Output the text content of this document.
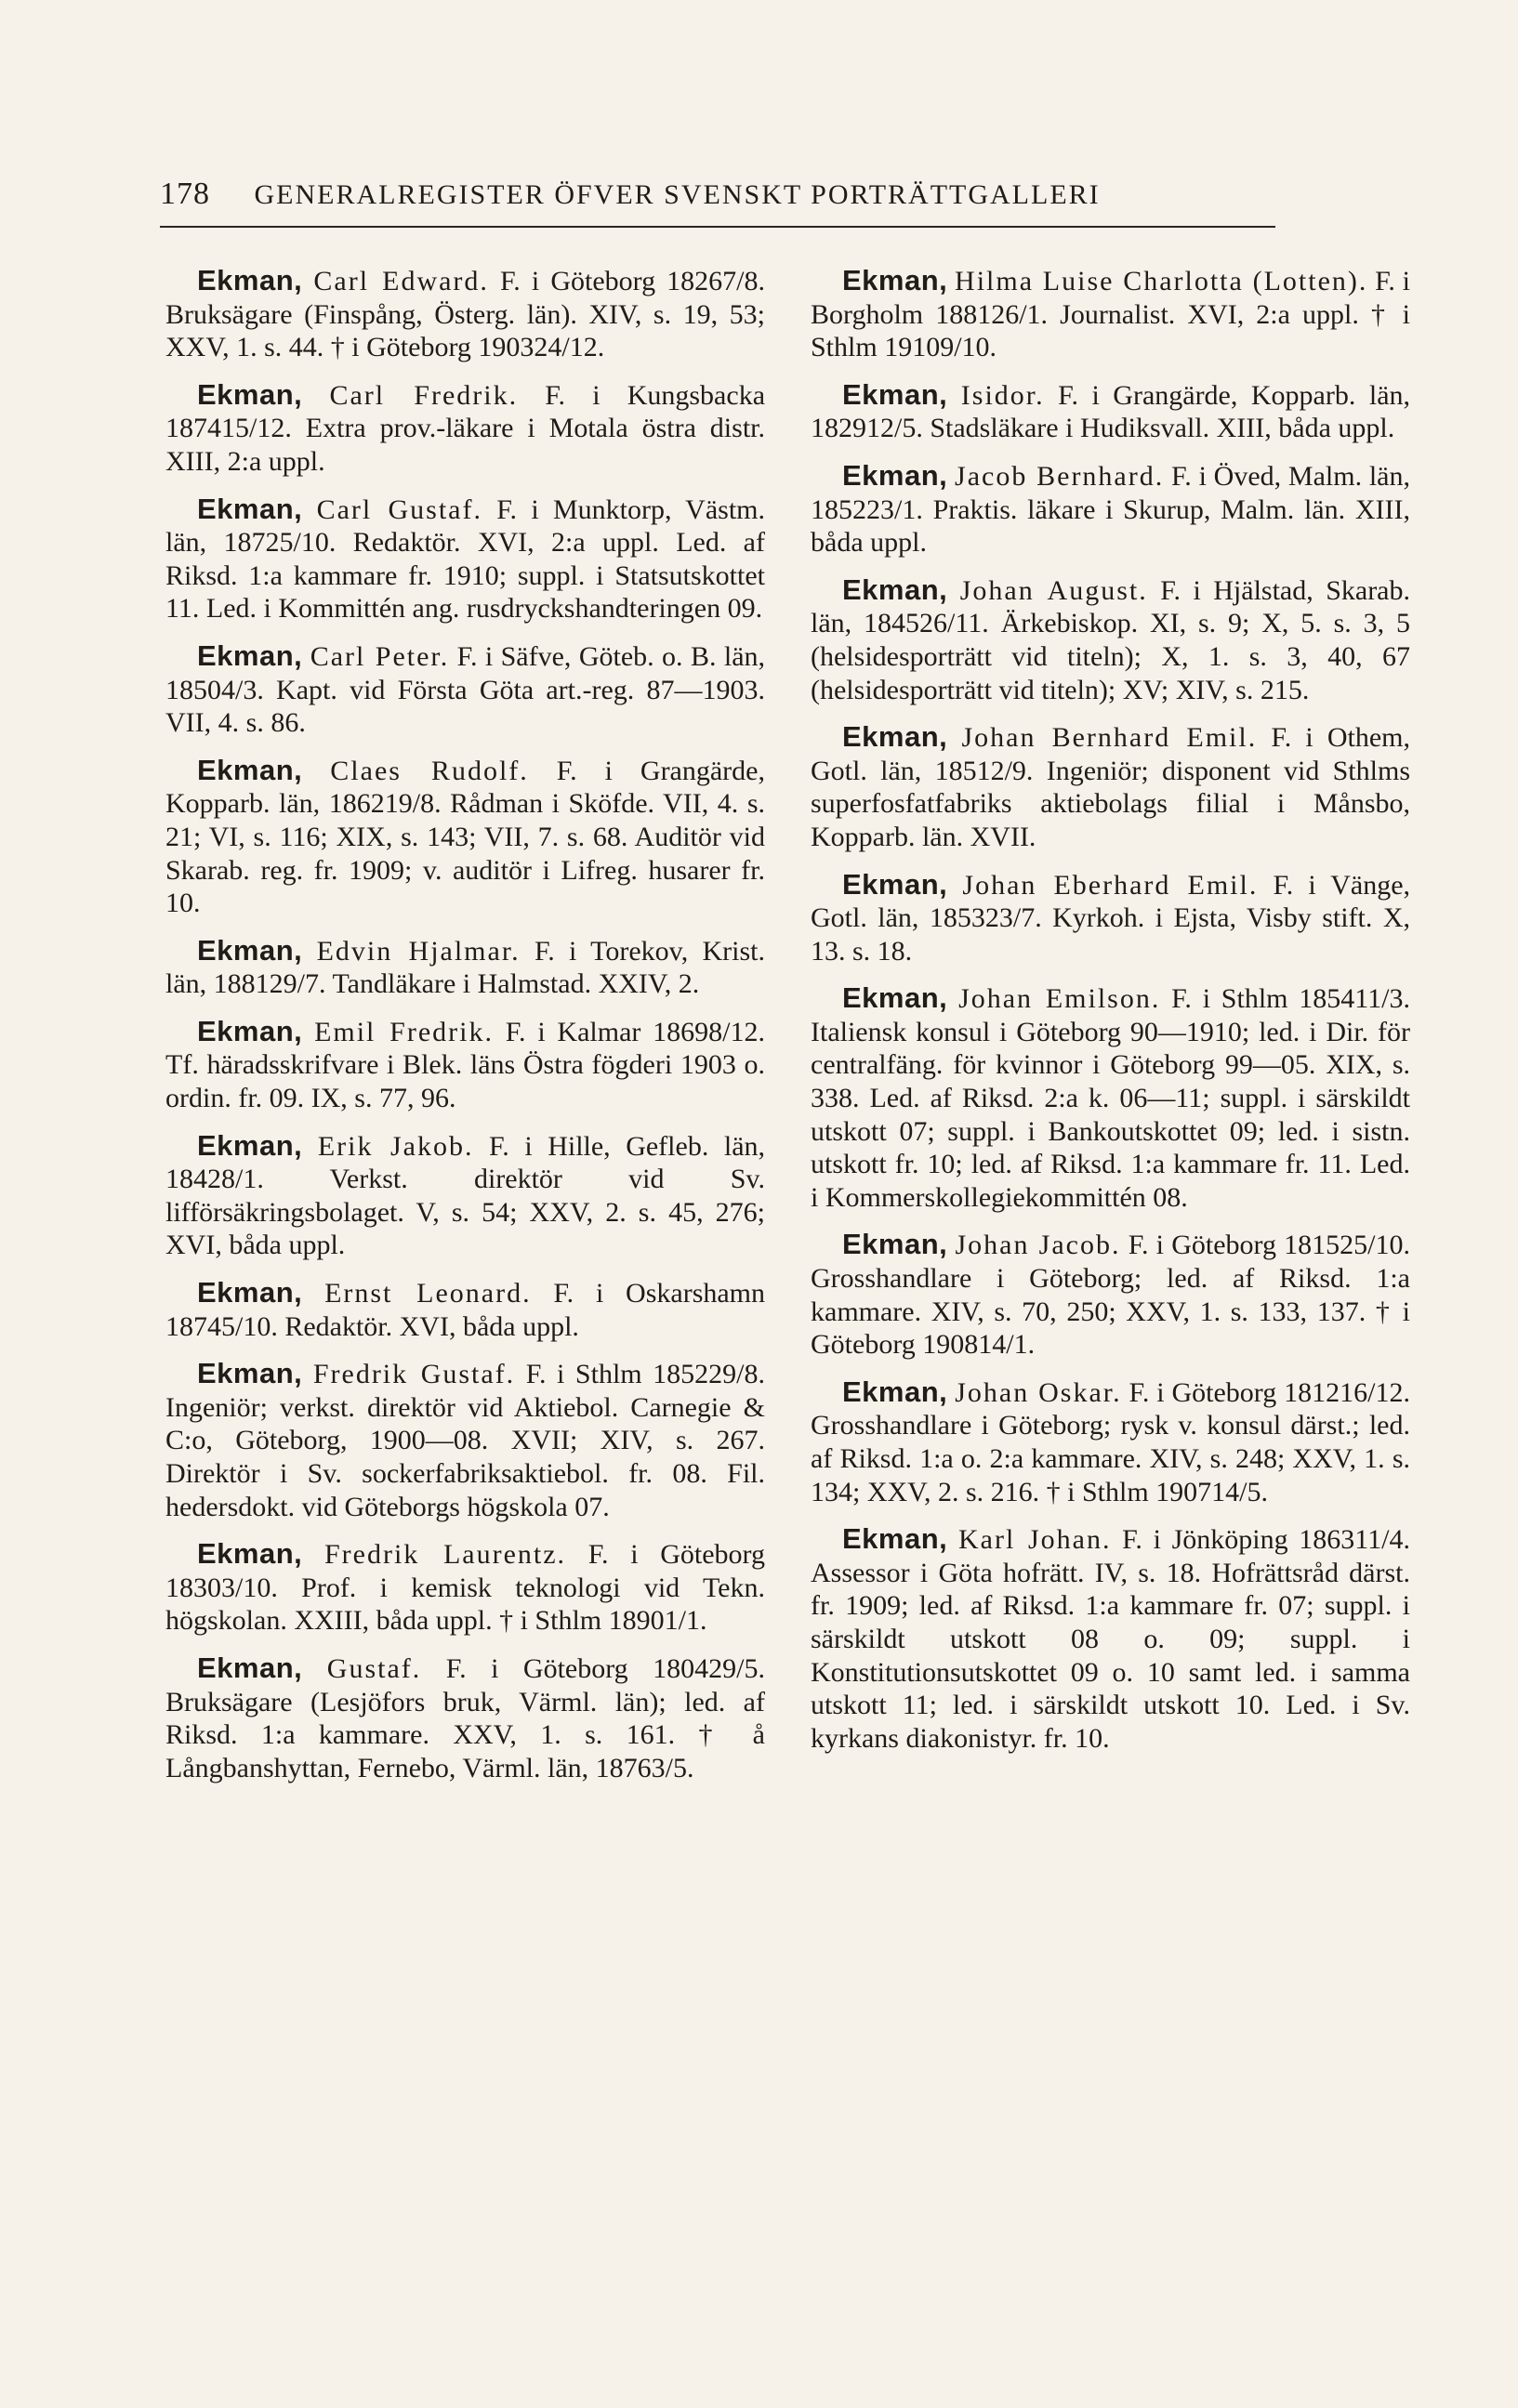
178 GENERALREGISTER ÖFVER SVENSKT PORTRÄTTGALLERI

Ekman, Carl Edward. F. i Göteborg 18267/8. Bruksägare (Finspång, Österg. län). XIV, s. 19, 53; XXV, 1. s. 44. † i Göteborg 190324/12.

Ekman, Carl Fredrik. F. i Kungsbacka 187415/12. Extra prov.-läkare i Motala östra distr. XIII, 2:a uppl.

Ekman, Carl Gustaf. F. i Munktorp, Västm. län, 18725/10. Redaktör. XVI, 2:a uppl. Led. af Riksd. 1:a kammare fr. 1910; suppl. i Statsutskottet 11. Led. i Kommittén ang. rusdryckshandteringen 09.

Ekman, Carl Peter. F. i Säfve, Göteb. o. B. län, 18504/3. Kapt. vid Första Göta art.-reg. 87—1903. VII, 4. s. 86.

Ekman, Claes Rudolf. F. i Grangärde, Kopparb. län, 186219/8. Rådman i Sköfde. VII, 4. s. 21; VI, s. 116; XIX, s. 143; VII, 7. s. 68. Auditör vid Skarab. reg. fr. 1909; v. auditör i Lifreg. husarer fr. 10.

Ekman, Edvin Hjalmar. F. i Torekov, Krist. län, 188129/7. Tandläkare i Halmstad. XXIV, 2.

Ekman, Emil Fredrik. F. i Kalmar 18698/12. Tf. häradsskrifvare i Blek. läns Östra fögderi 1903 o. ordin. fr. 09. IX, s. 77, 96.

Ekman, Erik Jakob. F. i Hille, Gefleb. län, 18428/1. Verkst. direktör vid Sv. lifförsäkringsbolaget. V, s. 54; XXV, 2. s. 45, 276; XVI, båda uppl.

Ekman, Ernst Leonard. F. i Oskarshamn 18745/10. Redaktör. XVI, båda uppl.

Ekman, Fredrik Gustaf. F. i Sthlm 185229/8. Ingeniör; verkst. direktör vid Aktiebol. Carnegie & C:o, Göteborg, 1900—08. XVII; XIV, s. 267. Direktör i Sv. sockerfabriksaktiebol. fr. 08. Fil. hedersdokt. vid Göteborgs högskola 07.

Ekman, Fredrik Laurentz. F. i Göteborg 18303/10. Prof. i kemisk teknologi vid Tekn. högskolan. XXIII, båda uppl. † i Sthlm 18901/1.

Ekman, Gustaf. F. i Göteborg 180429/5. Bruksägare (Lesjöfors bruk, Värml. län); led. af Riksd. 1:a kammare. XXV, 1. s. 161. † å Långbanshyttan, Fernebo, Värml. län, 18763/5.

Ekman, Hilma Luise Charlotta (Lotten). F. i Borgholm 188126/1. Journalist. XVI, 2:a uppl. † i Sthlm 19109/10.

Ekman, Isidor. F. i Grangärde, Kopparb. län, 182912/5. Stadsläkare i Hudiksvall. XIII, båda uppl.

Ekman, Jacob Bernhard. F. i Öved, Malm. län, 185223/1. Praktis. läkare i Skurup, Malm. län. XIII, båda uppl.

Ekman, Johan August. F. i Hjälstad, Skarab. län, 184526/11. Ärkebiskop. XI, s. 9; X, 5. s. 3, 5 (helsidesporträtt vid titeln); X, 1. s. 3, 40, 67 (helsidesporträtt vid titeln); XV; XIV, s. 215.

Ekman, Johan Bernhard Emil. F. i Othem, Gotl. län, 18512/9. Ingeniör; disponent vid Sthlms superfosfatfabriks aktiebolags filial i Månsbo, Kopparb. län. XVII.

Ekman, Johan Eberhard Emil. F. i Vänge, Gotl. län, 185323/7. Kyrkoh. i Ejsta, Visby stift. X, 13. s. 18.

Ekman, Johan Emilson. F. i Sthlm 185411/3. Italiensk konsul i Göteborg 90—1910; led. i Dir. för centralfäng. för kvinnor i Göteborg 99—05. XIX, s. 338. Led. af Riksd. 2:a k. 06—11; suppl. i särskildt utskott 07; suppl. i Bankoutskottet 09; led. i sistn. utskott fr. 10; led. af Riksd. 1:a kammare fr. 11. Led. i Kommerskollegiekommittén 08.

Ekman, Johan Jacob. F. i Göteborg 181525/10. Grosshandlare i Göteborg; led. af Riksd. 1:a kammare. XIV, s. 70, 250; XXV, 1. s. 133, 137. † i Göteborg 190814/1.

Ekman, Johan Oskar. F. i Göteborg 181216/12. Grosshandlare i Göteborg; rysk v. konsul därst.; led. af Riksd. 1:a o. 2:a kammare. XIV, s. 248; XXV, 1. s. 134; XXV, 2. s. 216. † i Sthlm 190714/5.

Ekman, Karl Johan. F. i Jönköping 186311/4. Assessor i Göta hofrätt. IV, s. 18. Hofrättsråd därst. fr. 1909; led. af Riksd. 1:a kammare fr. 07; suppl. i särskildt utskott 08 o. 09; suppl. i Konstitutionsutskottet 09 o. 10 samt led. i samma utskott 11; led. i särskildt utskott 10. Led. i Sv. kyrkans diakonistyr. fr. 10.
